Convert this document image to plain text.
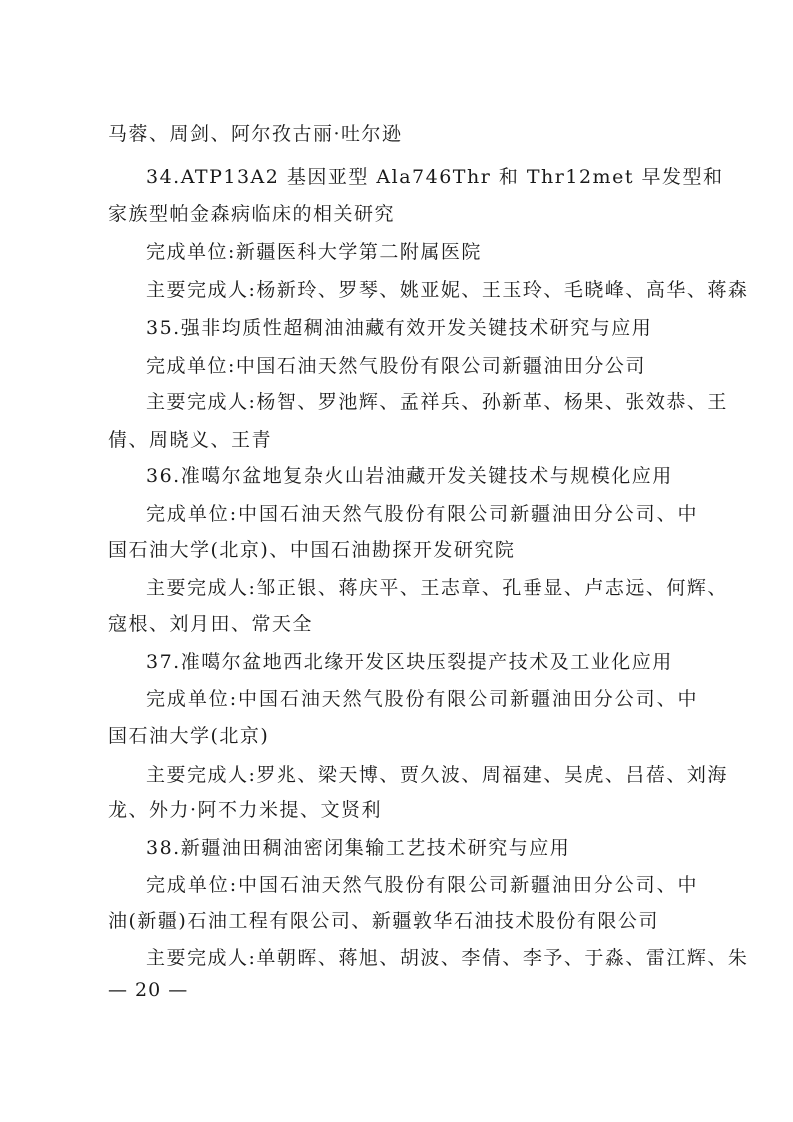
马蓉、周剑、阿尔孜古丽·吐尔逊
34.ATP13A2 基因亚型 Ala746Thr 和 Thr12met 早发型和
家族型帕金森病临床的相关研究
完成单位:新疆医科大学第二附属医院
主要完成人:杨新玲、罗琴、姚亚妮、王玉玲、毛晓峰、高华、蒋森
35.强非均质性超稠油油藏有效开发关键技术研究与应用
完成单位:中国石油天然气股份有限公司新疆油田分公司
主要完成人:杨智、罗池辉、孟祥兵、孙新革、杨果、张效恭、王
倩、周晓义、王青
36.准噶尔盆地复杂火山岩油藏开发关键技术与规模化应用
完成单位:中国石油天然气股份有限公司新疆油田分公司、中
国石油大学(北京)、中国石油勘探开发研究院
主要完成人:邹正银、蒋庆平、王志章、孔垂显、卢志远、何辉、
寇根、刘月田、常天全
37.准噶尔盆地西北缘开发区块压裂提产技术及工业化应用
完成单位:中国石油天然气股份有限公司新疆油田分公司、中
国石油大学(北京)
主要完成人:罗兆、梁天博、贾久波、周福建、吴虎、吕蓓、刘海
龙、外力·阿不力米提、文贤利
38.新疆油田稠油密闭集输工艺技术研究与应用
完成单位:中国石油天然气股份有限公司新疆油田分公司、中
油(新疆)石油工程有限公司、新疆敦华石油技术股份有限公司
主要完成人:单朝晖、蒋旭、胡波、李倩、李予、于淼、雷江辉、朱
— 20 —
